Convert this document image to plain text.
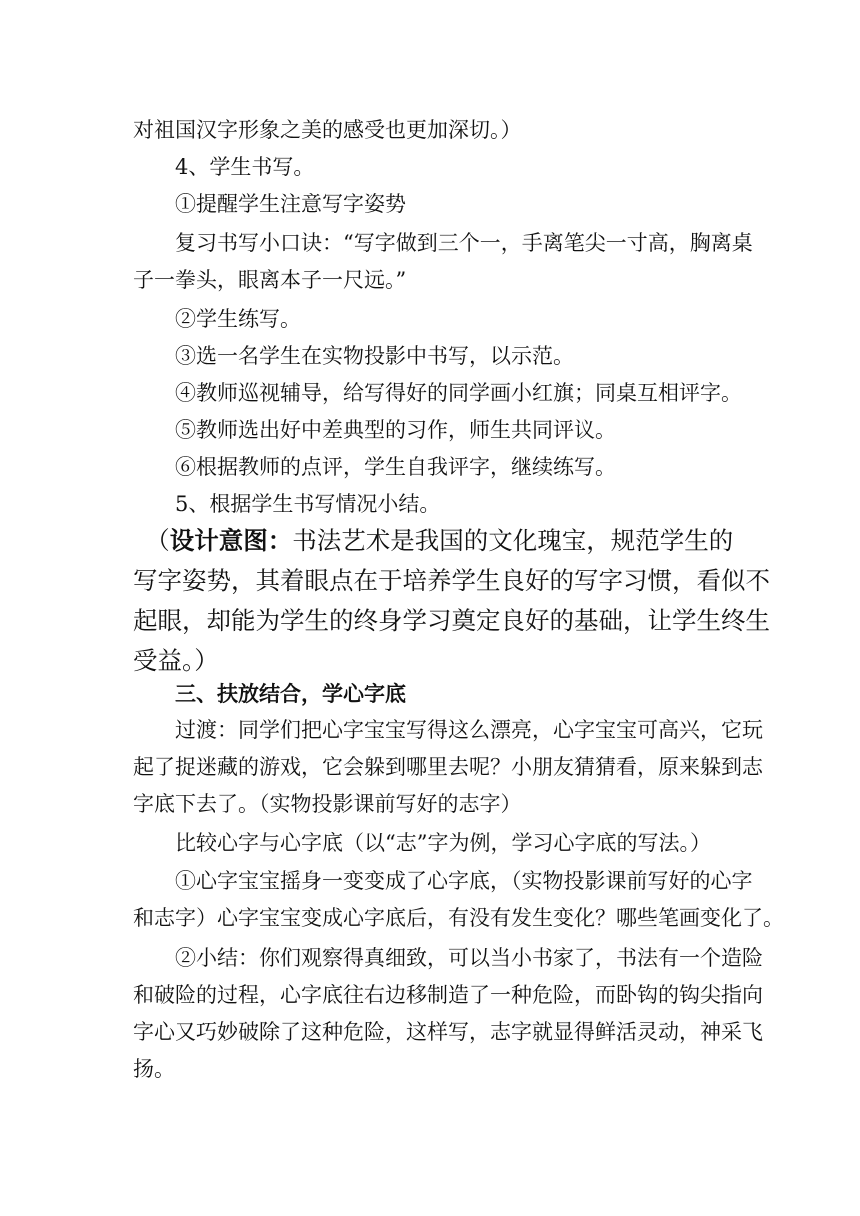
对祖国汉字形象之美的感受也更加深切。）
　　4、学生书写。
　　①提醒学生注意写字姿势
　　复习书写小口诀：“写字做到三个一，手离笔尖一寸高，胸离桌
子一拳头，眼离本子一尺远。”
　　②学生练写。
　　③选一名学生在实物投影中书写，以示范。
　　④教师巡视辅导，给写得好的同学画小红旗；同桌互相评字。
　　⑤教师选出好中差典型的习作，师生共同评议。
　　⑥根据教师的点评，学生自我评字，继续练写。
　　5、根据学生书写情况小结。
　（设计意图：书法艺术是我国的文化瑰宝，规范学生的
写字姿势，其着眼点在于培养学生良好的写字习惯，看似不
起眼，却能为学生的终身学习奠定良好的基础，让学生终生
受益。）
　　三、扶放结合，学心字底
　　过渡：同学们把心字宝宝写得这么漂亮，心字宝宝可高兴，它玩
起了捉迷藏的游戏，它会躲到哪里去呢？小朋友猜猜看，原来躲到志
字底下去了。（实物投影课前写好的志字）
　　比较心字与心字底（以“志”字为例，学习心字底的写法。）
　　①心字宝宝摇身一变变成了心字底，（实物投影课前写好的心字
和志字）心字宝宝变成心字底后，有没有发生变化？哪些笔画变化了。
　　②小结：你们观察得真细致，可以当小书家了，书法有一个造险
和破险的过程，心字底往右边移制造了一种危险，而卧钩的钩尖指向
字心又巧妙破除了这种危险，这样写，志字就显得鲜活灵动，神采飞
扬。
